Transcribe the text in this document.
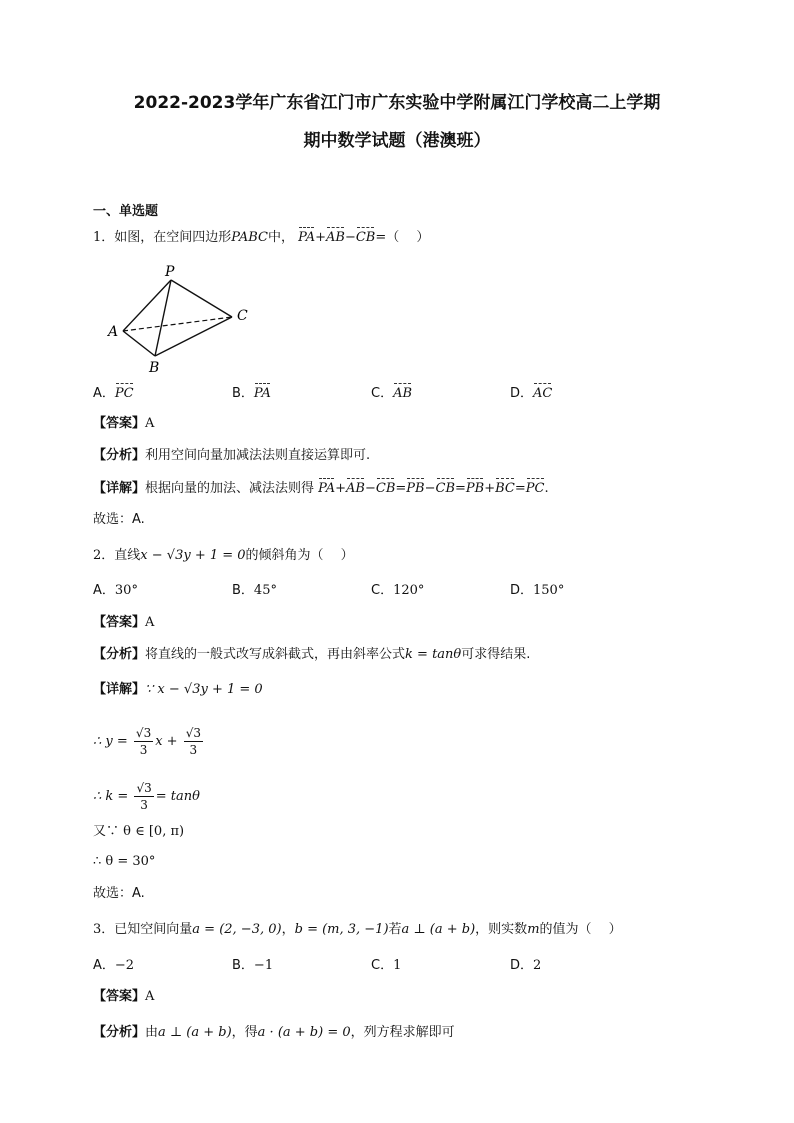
2022-2023学年广东省江门市广东实验中学附属江门学校高二上学期
期中数学试题（港澳班）
一、单选题
1．如图，在空间四边形PABC中， PA+AB−CB=（　 ）
P
A
B
C
A．PC	B．PA	C．AB	D．AC
【答案】A
【分析】利用空间向量加减法法则直接运算即可.
【详解】根据向量的加法、减法法则得 PA+AB−CB=PB−CB=PB+BC=PC.
故选：A.
2．直线x − √3y + 1 = 0的倾斜角为（　 ）
A．30°	B．45°	C．120°	D．150°
【答案】A
【分析】将直线的一般式改写成斜截式，再由斜率公式k = tanθ可求得结果.
【详解】∵ x − √3y + 1 = 0
∴ $y = \frac{√3}{3}$ $x + \frac{√3}{3}$
∴ $k = \frac{√3}{3} = \tan\theta$
又∵ θ ∈ [0, π)
∴ θ = 30°
故选：A.
3．已知空间向量a = (2, −3, 0)，b = (m, 3, −1)若a ⊥ (a + b)，则实数m的值为（　 ）
A．−2	B．−1	C．1	D．2
【答案】A
【分析】由a ⊥ (a + b)，得a · (a + b) = 0，列方程求解即可
